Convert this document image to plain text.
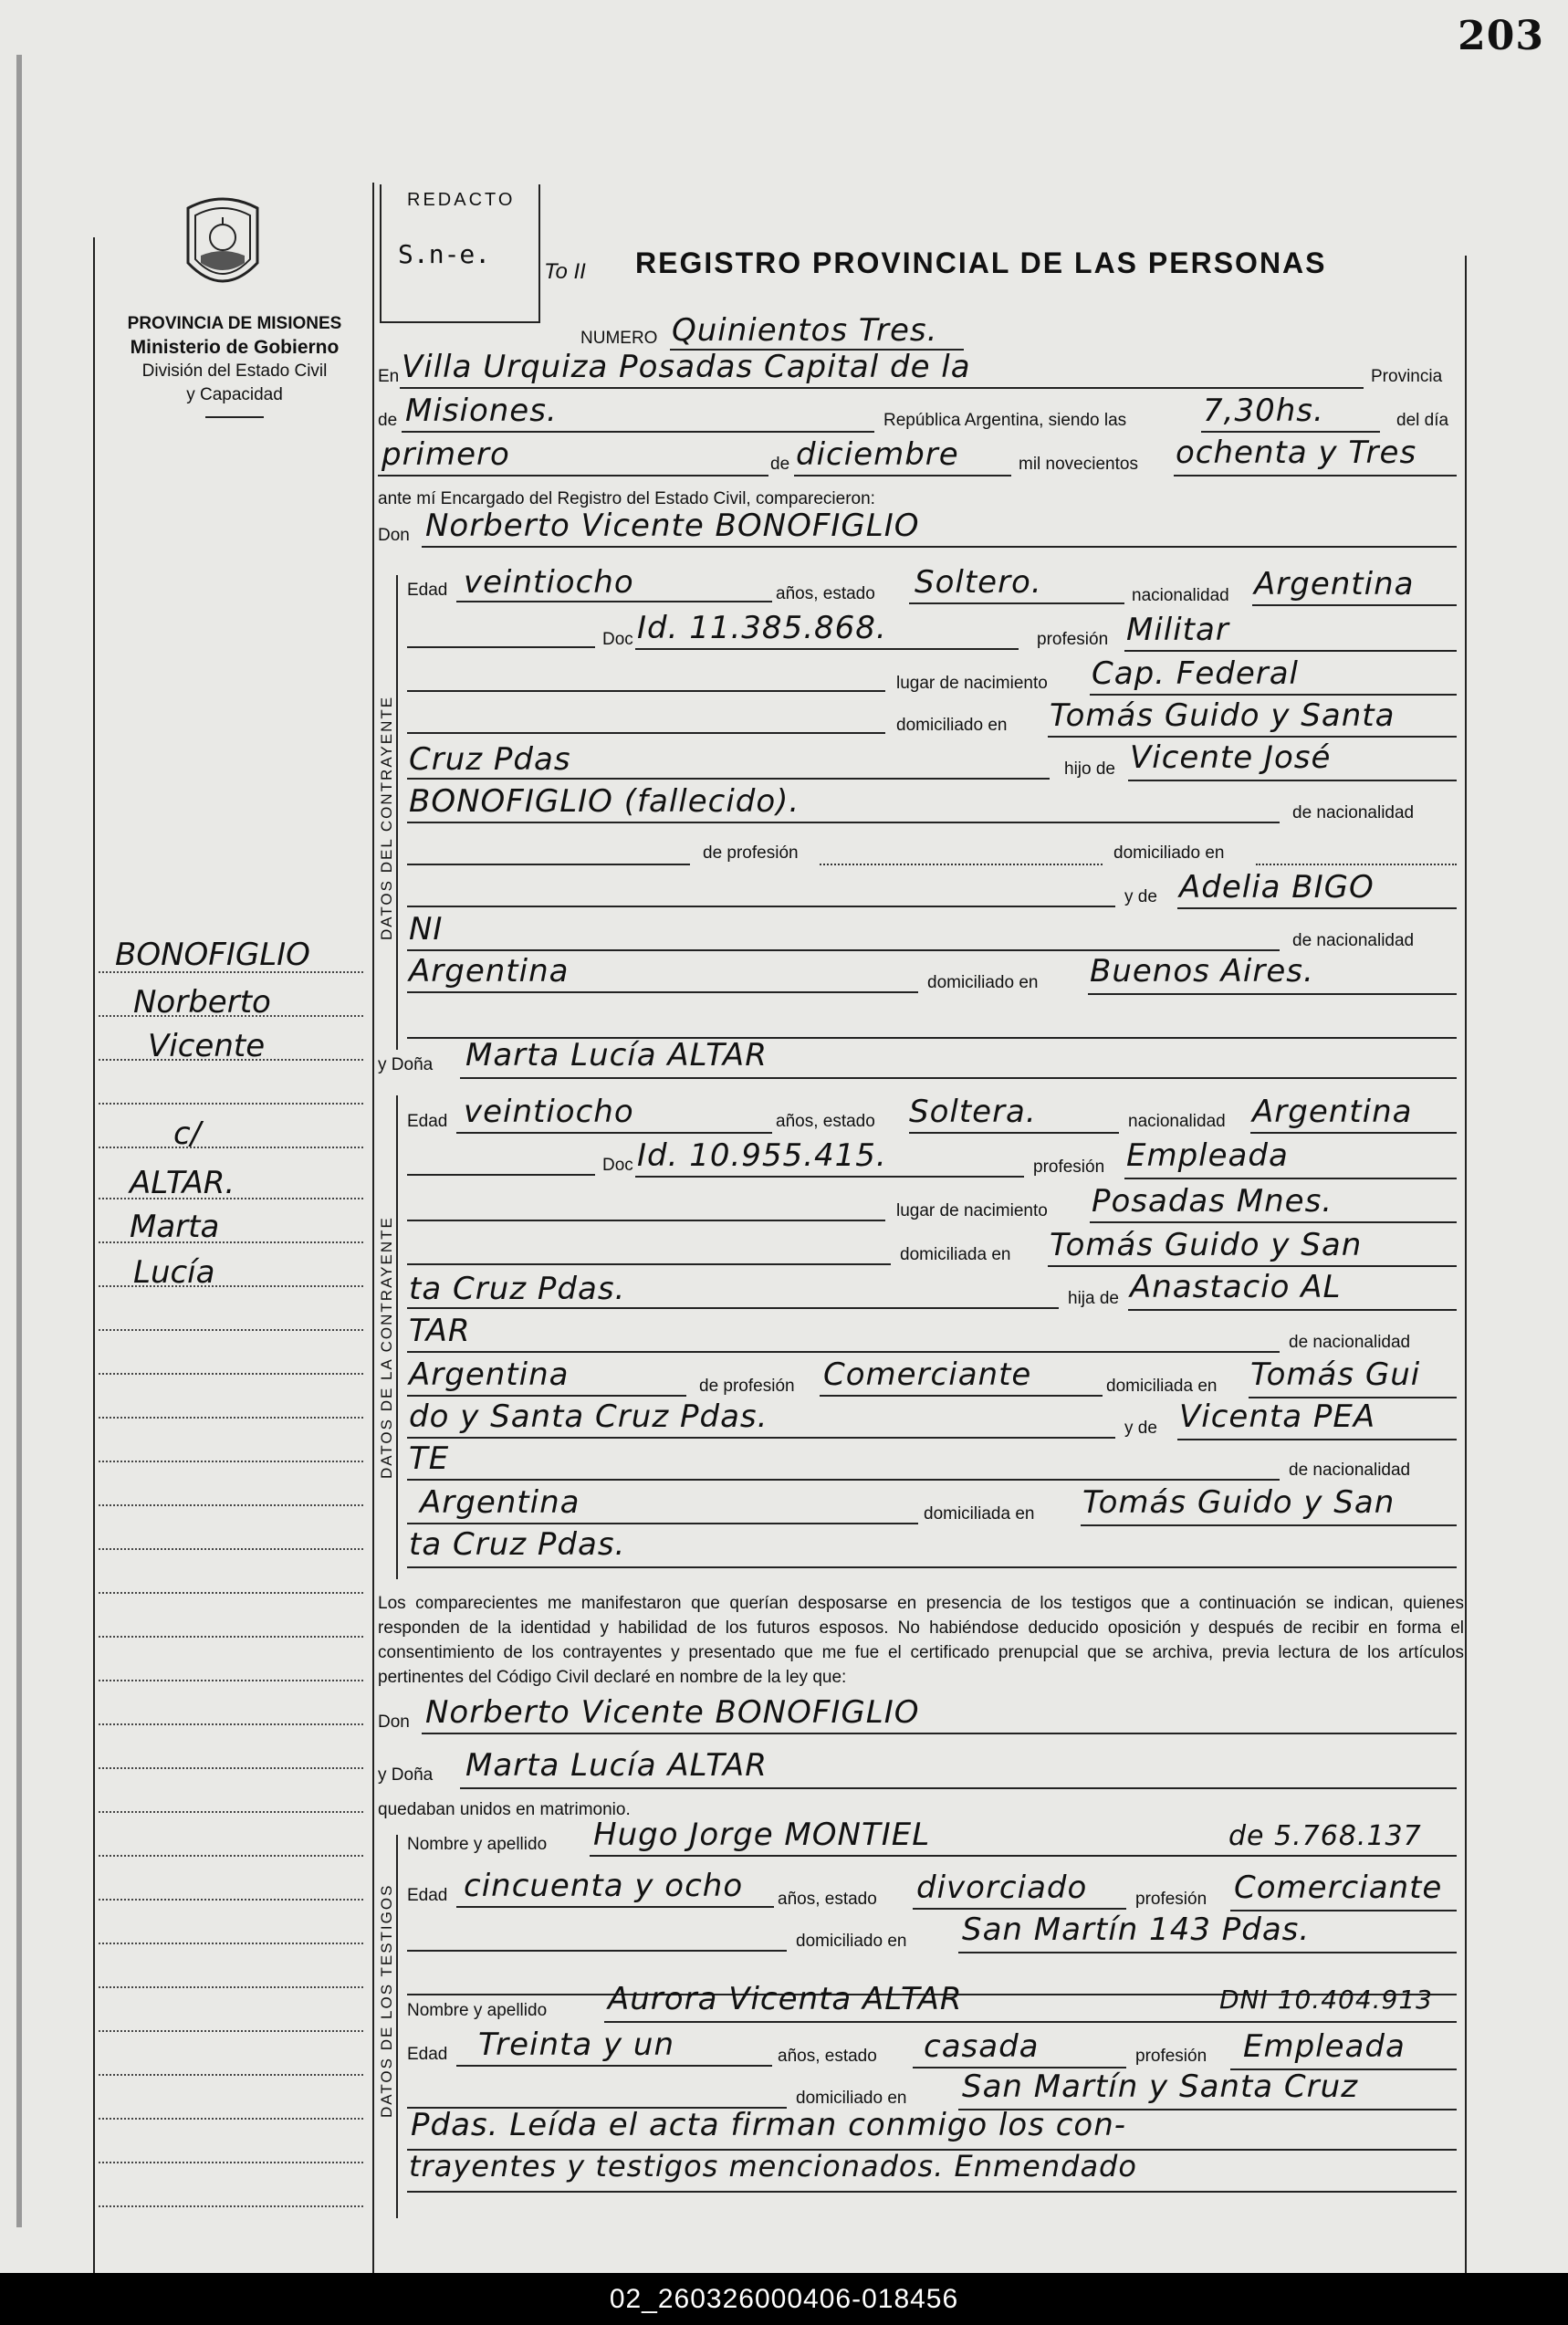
203
PROVINCIA DE MISIONES
Ministerio de Gobierno
División del Estado Civil
y Capacidad
REDACTO
S.n-e.
To II REGISTRO PROVINCIAL DE LAS PERSONAS
NUMERO Quinientos Tres.
En Villa Urquiza Posadas Capital de la	Provincia
de Misiones.	República Argentina, siendo las 7,30hs.	del día
primero	de diciembre	mil novecientos ochenta y Tres
ante mí Encargado del Registro del Estado Civil, comparecieron:
Don Norberto Vicente BONOFIGLIO
DATOS DEL CONTRAYENTE
Edad veintiocho	años, estado Soltero.	nacionalidad Argentina
Doc Id. 11.385.868.	profesión Militar
lugar de nacimiento Cap. Federal
domiciliado en Tomás Guido y Santa
Cruz Pdas	hijo de Vicente José
BONOFIGLIO (fallecido).	de nacionalidad
de profesión	domiciliado en
y de Adelia BIGO
NI	de nacionalidad
Argentina	domiciliado en Buenos Aires.
y Doña Marta Lucía ALTAR
DATOS DE LA CONTRAYENTE
Edad veintiocho	años, estado Soltera.	nacionalidad Argentina
Doc Id. 10.955.415.	profesión Empleada
lugar de nacimiento Posadas Mnes.
domiciliada en Tomás Guido y San
ta Cruz Pdas.	hija de Anastacio AL
TAR	de nacionalidad
Argentina	de profesión Comerciante	domiciliada en Tomás Gui
do y Santa Cruz Pdas.	y de Vicenta PEA
TE	de nacionalidad
Argentina	domiciliada en Tomás Guido y San
ta Cruz Pdas.
Los comparecientes me manifestaron que querían desposarse en presencia de los testigos que a continuación se indican, quienes responden de la identidad y habilidad de los futuros esposos. No habiéndose deducido oposición y después de recibir en forma el consentimiento de los contrayentes y presentado que me fue el certificado prenupcial que se archiva, previa lectura de los artículos pertinentes del Código Civil declaré en nombre de la ley que:
Don Norberto Vicente BONOFIGLIO
y Doña Marta Lucía ALTAR
quedaban unidos en matrimonio.
DATOS DE LOS TESTIGOS
Nombre y apellido Hugo Jorge MONTIEL	de 5.768.137
Edad cincuenta y ocho años, estado divorciado	profesión Comerciante
domiciliado en San Martín 143 Pdas.
Nombre y apellido Aurora Vicenta ALTAR	DNI 10.404.913
Edad Treinta y un	años, estado casada	profesión Empleada
domiciliado en San Martín y Santa Cruz
Pdas. Leída el acta firman conmigo los con-
trayentes y testigos mencionados. Enmendado
BONOFIGLIO
Norberto
Vicente
c/
ALTAR.
Marta
Lucía
02_260326000406-018456
